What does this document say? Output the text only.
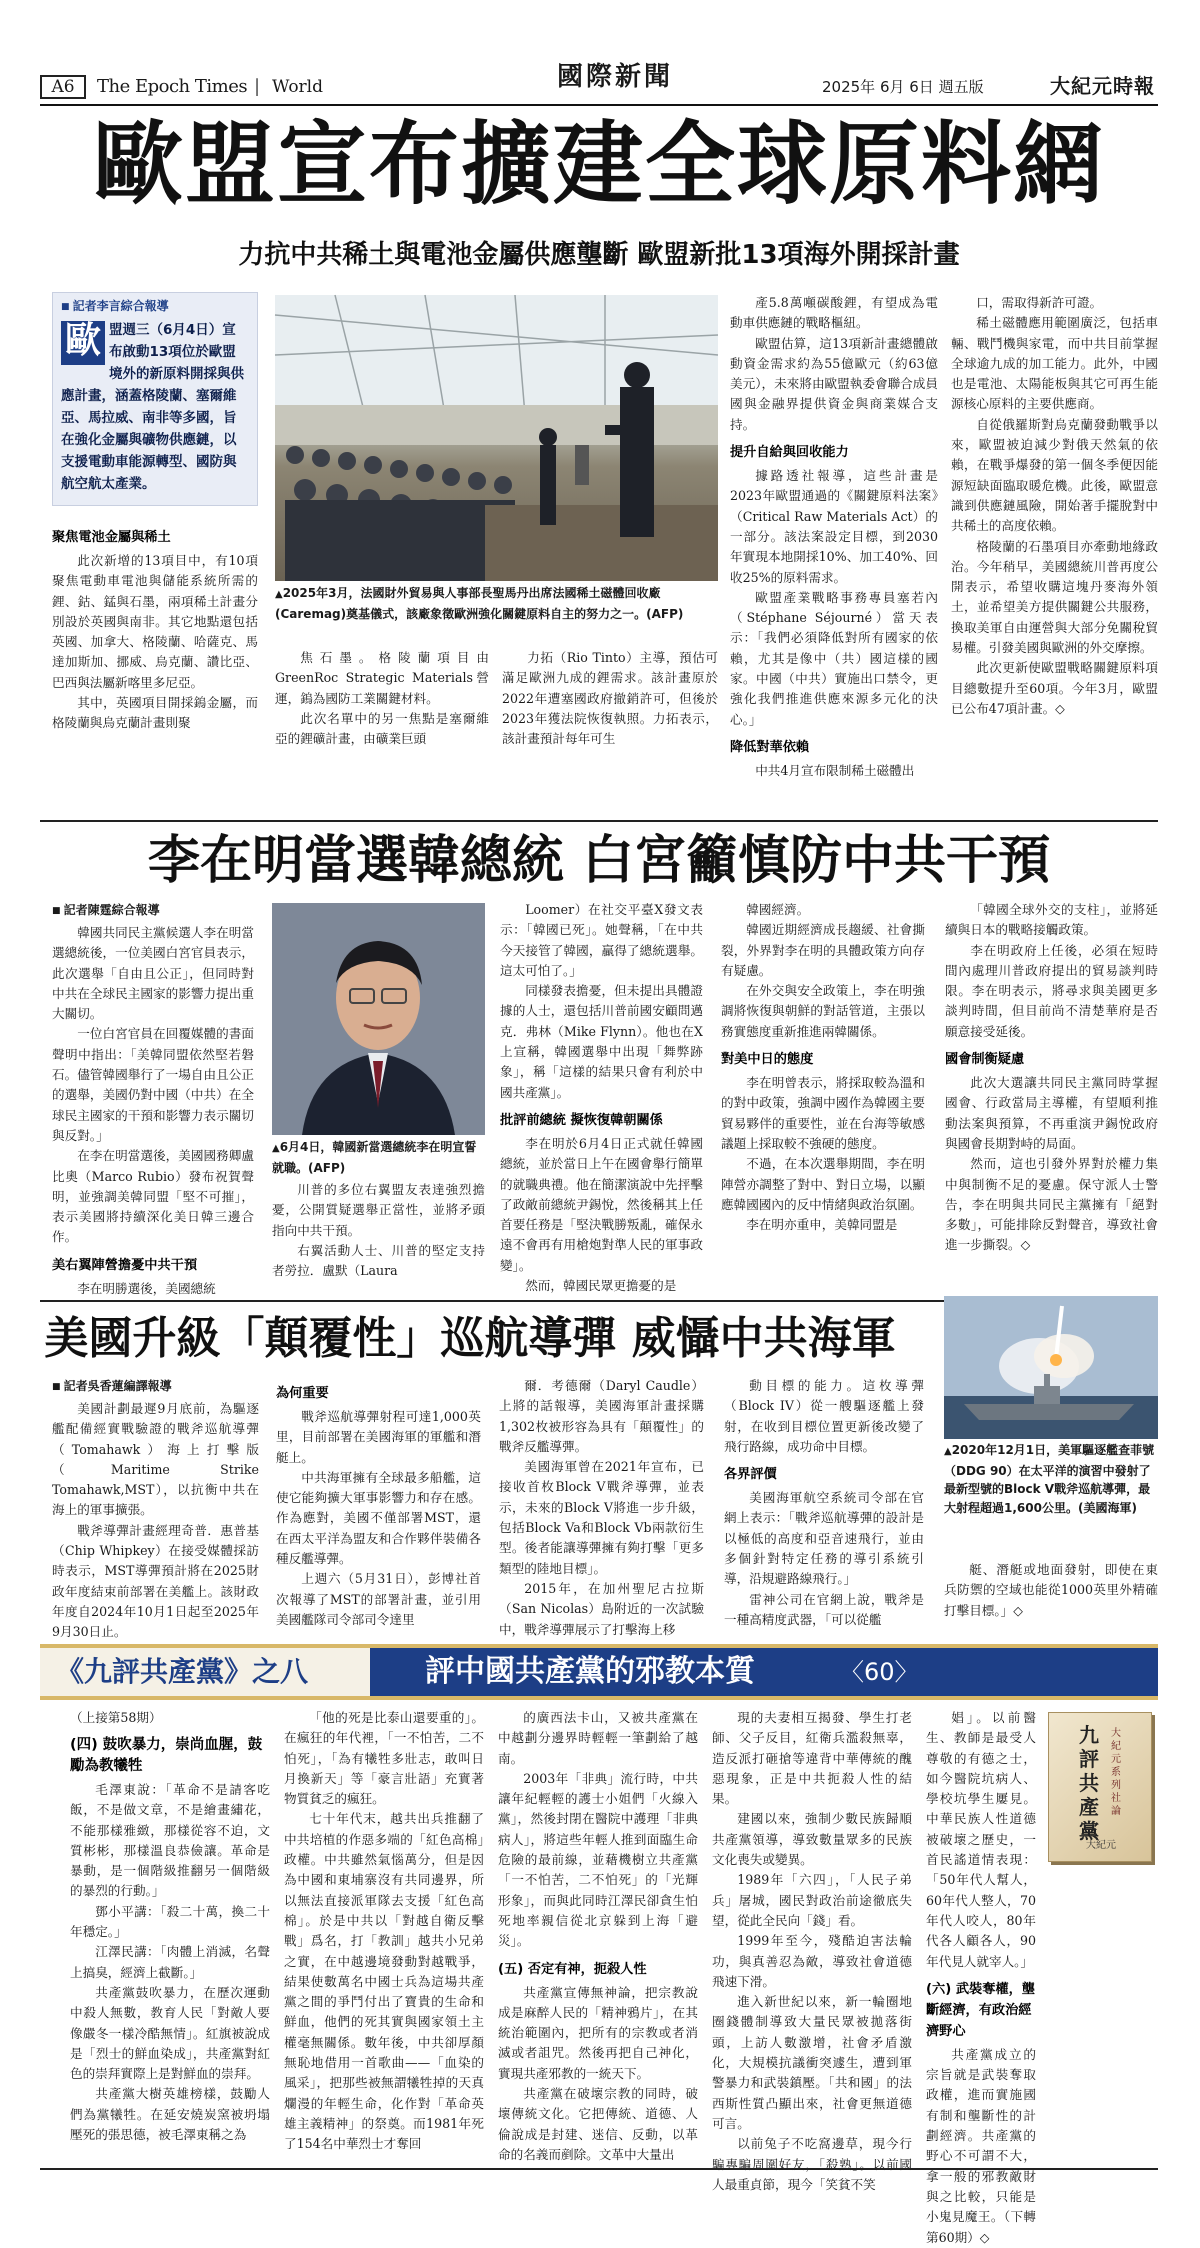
A6	The Epoch Times | World	國際新聞	2025年 6月 6日 週五版	大紀元時報
歐盟宣布擴建全球原料網
力抗中共稀土與電池金屬供應壟斷 歐盟新批13項海外開採計畫
■ 記者李言綜合報導
歐 盟週三（6月4日）宣布啟動13項位於歐盟境外的新原料開採與供應計畫，涵蓋格陵蘭、塞爾維亞、馬拉威、南非等多國，旨在強化金屬與礦物供應鏈，以支援電動車能源轉型、國防與航空航太產業。
聚焦電池金屬與稀土

此次新增的13項目中，有10項聚焦電動車電池與儲能系統所需的鋰、鈷、錳與石墨，兩項稀土計畫分別設於英國與南非。其它地點還包括英國、加拿大、格陵蘭、哈薩克、馬達加斯加、挪威、烏克蘭、讚比亞、巴西與法屬新喀里多尼亞。

其中，英國項目開採鎢金屬，而格陵蘭與烏克蘭計畫則聚

▲ 2025年3月，法國財外貿易與人事部長聖馬丹出席法國稀土磁體回收廠(Caremag)奠基儀式，該廠象徵歐洲強化關鍵原料自主的努力之一。(AFP)

焦石墨。格陵蘭項目由GreenRoc Strategic Materials營運，鎢為國防工業關鍵材料。

此次名單中的另一焦點是塞爾維亞的鋰礦計畫，由礦業巨頭

力拓（Rio Tinto）主導，預估可滿足歐洲九成的鋰需求。該計畫原於2022年遭塞國政府撤銷許可，但後於2023年獲法院恢復執照。力拓表示，該計畫預計每年可生

產5.8萬噸碳酸鋰，有望成為電動車供應鏈的戰略樞紐。

歐盟估算，這13項新計畫總體啟動資金需求約為55億歐元（約63億美元），未來將由歐盟執委會聯合成員國與金融界提供資金與商業媒合支持。

提升自給與回收能力

據路透社報導，這些計畫是2023年歐盟通過的《關鍵原料法案》（Critical Raw Materials Act）的一部分。該法案設定目標，到2030年實現本地開採10%、加工40%、回收25%的原料需求。

歐盟產業戰略事務專員塞若內（Stéphane Séjourné）當天表示：「我們必須降低對所有國家的依賴，尤其是像中（共）國這樣的國家。中國（中共）實施出口禁令，更強化我們推進供應來源多元化的決心。」

降低對華依賴

中共4月宣布限制稀土磁體出

口，需取得新許可證。

稀土磁體應用範圍廣泛，包括車輛、戰鬥機與家電，而中共目前掌握全球逾九成的加工能力。此外，中國也是電池、太陽能板與其它可再生能源核心原料的主要供應商。

自從俄羅斯對烏克蘭發動戰爭以來，歐盟被迫減少對俄天然氣的依賴，在戰爭爆發的第一個冬季便因能源短缺面臨取暖危機。此後，歐盟意識到供應鏈風險，開始著手擺脫對中共稀土的高度依賴。

格陵蘭的石墨項目亦牽動地緣政治。今年稍早，美國總統川普再度公開表示，希望收購這塊丹麥海外領土，並希望美方提供關鍵公共服務，換取美軍自由運營與大部分免關稅貿易權。引發美國與歐洲的外交摩擦。

此次更新使歐盟戰略關鍵原料項目總數提升至60項。今年3月，歐盟已公布47項計畫。◇

李在明當選韓總統 白宮籲慎防中共干預
■ 記者陳霆綜合報導

韓國共同民主黨候選人李在明當選總統後，一位美國白宮官員表示，此次選舉「自由且公正」，但同時對中共在全球民主國家的影響力提出重大關切。

一位白宮官員在回覆媒體的書面聲明中指出：「美韓同盟依然堅若磐石。儘管韓國舉行了一場自由且公正的選舉，美國仍對中國（中共）在全球民主國家的干預和影響力表示關切與反對。」

在李在明當選後，美國國務卿盧比奧（Marco Rubio）發布祝賀聲明，並強調美韓同盟「堅不可摧」，表示美國將持續深化美日韓三邊合作。

美右翼陣營擔憂中共干預

李在明勝選後，美國總統

▲ 6月4日，韓國新當選總統李在明宣誓就職。(AFP)

川普的多位右翼盟友表達強烈擔憂，公開質疑選舉正當性，並將矛頭指向中共干預。

右翼活動人士、川普的堅定支持者勞拉．盧默（Laura

Loomer）在社交平臺X發文表示：「韓國已死」。她聲稱，「在中共今天接管了韓國，贏得了總統選舉。這太可怕了。」

同樣發表擔憂，但未提出具體證據的人士，還包括川普前國安顧問邁克．弗林（Mike Flynn）。他也在X上宣稱，韓國選舉中出現「舞弊跡象」，稱「這樣的結果只會有利於中國共產黨」。

批評前總統 擬恢復韓朝關係

李在明於6月4日正式就任韓國總統，並於當日上午在國會舉行簡單的就職典禮。他在簡潔演說中先抨擊了政敵前總統尹錫悅，然後稱其上任首要任務是「堅決戰勝叛亂，確保永遠不會再有用槍炮對準人民的軍事政變」。

然而，韓國民眾更擔憂的是

韓國經濟。

韓國近期經濟成長趨緩、社會撕裂，外界對李在明的具體政策方向存有疑慮。

在外交與安全政策上，李在明強調將恢復與朝鮮的對話管道，主張以務實態度重新推進兩韓關係。

對美中日的態度

李在明曾表示，將採取較為溫和的對中政策，強調中國作為韓國主要貿易夥伴的重要性，並在台海等敏感議題上採取較不強硬的態度。

不過，在本次選舉期間，李在明陣營亦調整了對中、對日立場，以顯應韓國國內的反中情緒與政治氛圍。

李在明亦重申，美韓同盟是

「韓國全球外交的支柱」，並將延續與日本的戰略接觸政策。

李在明政府上任後，必須在短時間內處理川普政府提出的貿易談判時限。李在明表示，將尋求與美國更多談判時間，但目前尚不清楚華府是否願意接受延後。

國會制衡疑慮

此次大選讓共同民主黨同時掌握國會、行政當局主導權，有望順利推動法案與預算，不再重演尹錫悅政府與國會長期對峙的局面。

然而，這也引發外界對於權力集中與制衡不足的憂慮。保守派人士警告，李在明與共同民主黨擁有「絕對多數」，可能排除反對聲音，導致社會進一步撕裂。◇

美國升級「顛覆性」巡航導彈 威懾中共海軍
■ 記者吳香蓮編譯報導

美國計劃最遲9月底前，為驅逐艦配備經實戰驗證的戰斧巡航導彈（Tomahawk）海上打擊版（Maritime Strike Tomahawk,MST），以抗衡中共在海上的軍事擴張。

戰斧導彈計畫經理奇普．惠普基（Chip Whipkey）在接受媒體採訪時表示，MST導彈預計將在2025財政年度結束前部署在美艦上。該財政年度自2024年10月1日起至2025年9月30日止。

為何重要

戰斧巡航導彈射程可達1,000英里，目前部署在美國海軍的軍艦和潛艇上。

中共海軍擁有全球最多船艦，這使它能夠擴大軍事影響力和存在感。作為應對，美國不僅部署MST，還在西太平洋為盟友和合作夥伴裝備各種反艦導彈。

上週六（5月31日），彭博社首次報導了MST的部署計畫，並引用美國艦隊司令部司令達里

爾．考德爾（Daryl Caudle）上將的話報導，美國海軍計畫採購1,302枚被形容為具有「顛覆性」的戰斧反艦導彈。

美國海軍曾在2021年宣布，已接收首枚Block V戰斧導彈，並表示，未來的Block V將進一步升級，包括Block Va和Block Vb兩款衍生型。後者能讓導彈擁有夠打擊「更多類型的陸地目標」。

2015年，在加州聖尼古拉斯（San Nicolas）島附近的一次試驗中，戰斧導彈展示了打擊海上移

動目標的能力。這枚導彈（Block IV）從一艘驅逐艦上發射，在收到目標位置更新後改變了飛行路線，成功命中目標。

各界評價

美國海軍航空系統司令部在官網上表示：「戰斧巡航導彈的設計是以極低的高度和亞音速飛行，並由多個針對特定任務的導引系統引導，沿規避路線飛行。」

雷神公司在官網上說，戰斧是一種高精度武器，「可以從艦

▲ 2020年12月1日，美軍驅逐艦查菲號（DDG 90）在太平洋的演習中發射了最新型號的Block V戰斧巡航導彈，最大射程超過1,600公里。(美國海軍)

艇、潛艇或地面發射，即使在東兵防禦的空域也能從1000英里外精確打擊目標。」◇

《九評共產黨》之八	評中國共產黨的邪教本質	〈60〉
（上接第58期）
(四) 鼓吹暴力，崇尚血腥，鼓勵為教犧牲

毛澤東說：「革命不是請客吃飯，不是做文章，不是繪畫繡花，不能那樣雅緻，那樣從容不迫，文質彬彬，那樣溫良恭儉讓。革命是暴動，是一個階級推翻另一個階級的暴烈的行動。」

鄧小平講：「殺二十萬，換二十年穩定。」

江澤民講：「肉體上消滅，名聲上搞臭，經濟上截斷。」

共產黨鼓吹暴力，在歷次運動中殺人無數，教育人民「對敵人要像嚴冬一樣冷酷無情」。紅旗被說成是「烈士的鮮血染成」，共產黨對紅色的崇拜實際上是對鮮血的崇拜。

共產黨大樹英雄榜樣，鼓勵人們為黨犧牲。在延安燒炭窯被坍塌壓死的張思德，被毛澤東稱之為

「他的死是比泰山還要重的」。在瘋狂的年代裡，「一不怕苦，二不怕死」，「為有犧牲多壯志，敢叫日月換新天」等「豪言壯語」充實著物質貧乏的瘋狂。

七十年代末，越共出兵推翻了中共培植的作惡多端的「紅色高棉」政權。中共雖然氣惱萬分，但是因為中國和東埔寨沒有共同邊界，所以無法直接派軍隊去支援「紅色高棉」。於是中共以「對越自衛反擊戰」爲名，打「教訓」越共小兄弟之實，在中越邊境發動對越戰爭，結果使數萬名中國士兵為這場共產黨之間的爭鬥付出了寶貴的生命和鮮血，他們的死其實與國家領土主權毫無關係。數年後，中共卻厚顏無恥地借用一首歌曲——「血染的風采」，把那些被無謂犧牲掉的天真爛漫的年輕生命，化作對「革命英雄主義精神」的祭奠。而1981年死了154名中華烈士才奪回

的廣西法卡山，又被共產黨在中越劃分邊界時輕輕一筆劃給了越南。

2003年「非典」流行時，中共讓年紀輕輕的護士小姐們「火線入黨」，然後封閉在醫院中護理「非典病人」，將這些年輕人推到面臨生命危險的最前線，並藉機樹立共產黨「一不怕苦，二不怕死」的「光輝形象」，而與此同時江澤民卻貪生怕死地率親信從北京躲到上海「避災」。

(五) 否定有神，扼殺人性

共產黨宣傳無神論，把宗教說成是麻醉人民的「精神鴉片」，在其統治範圍內，把所有的宗教或者消滅或者詛咒。然後再把自己神化，實現共產邪教的一統天下。

共產黨在破壞宗教的同時，破壞傳統文化。它把傳統、道德、人倫說成是封建、迷信、反動，以革命的名義而剷除。文革中大量出

現的夫妻相互揭發、學生打老師、父子反目，紅衛兵濫殺無辜，造反派打砸搶等違背中華傳統的醜惡現象，正是中共扼殺人性的結果。

建國以來，強制少數民族歸順共產黨領導，導致數量眾多的民族文化喪失或變異。

1989年「六四」，「人民子弟兵」屠城，國民對政治前途徹底失望，從此全民向「錢」看。

1999年至今，殘酷迫害法輪功，與真善忍為敵，導致社會道德飛速下滑。

進入新世紀以來，新一輪圈地圈錢體制導致大量民眾被拋落街頭，上訪人數激增，社會矛盾激化，大規模抗議衝突遽生，遭到軍警暴力和武裝鎮壓。「共和國」的法西斯性質凸顯出來，社會更無道德可言。

以前兔子不吃窩邊草，現今行騙專騙周圍好友，「殺熟」。以前國人最重貞節，現今「笑貧不笑

娼」。以前醫生、教師是最受人尊敬的有德之士，如今醫院坑病人、學校坑學生屢見。中華民族人性道德被破壞之歷史，一首民謠道情表現：「50年代人幫人，60年代人整人，70年代人咬人，80年代各人顧各人，90年代見人就宰人。」

(六) 武裝奪權，壟斷經濟，有政治經濟野心

共產黨成立的宗旨就是武裝奪取政權，進而實施國有制和壟斷性的計劃經濟。共產黨的野心不可謂不大，拿一般的邪教敵財與之比較，只能是小鬼見魔王。（下轉第60期）◇

九評共產黨
大紀元系列社論
大紀元
